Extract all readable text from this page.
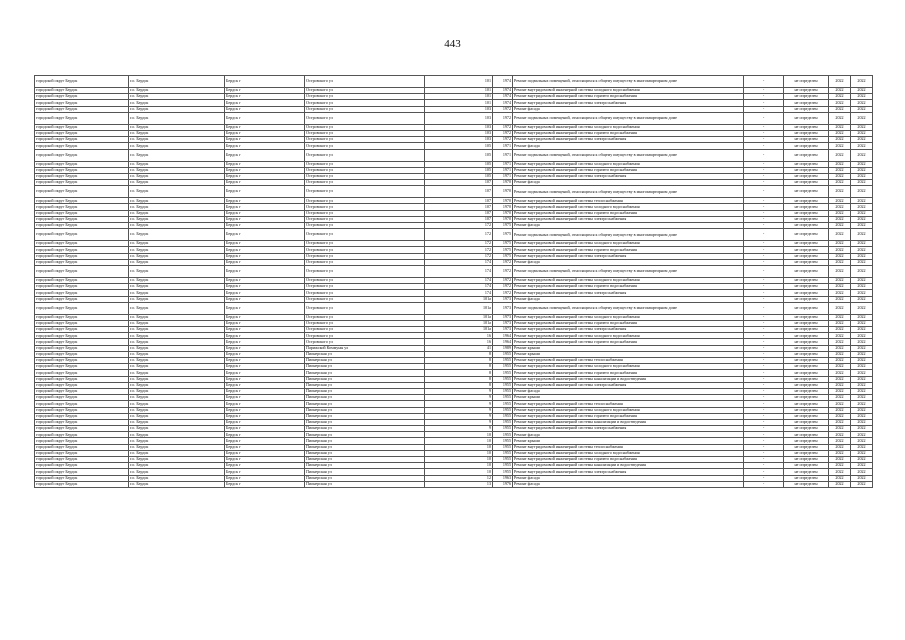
443
городской округ Бердск	г.о. Бердск	Бердск г	Островского ул	101	1974	Ремонт подвальных помещений, относящихся к общему имуществу в многоквартирном доме	-	не определен	2022	2022
городской округ Бердск	г.о. Бердск	Бердск г	Островского ул	101	1974	Ремонт внутридомовой инженерной системы холодного водоснабжения	-	не определен	2022	2022
городской округ Бердск	г.о. Бердск	Бердск г	Островского ул	101	1974	Ремонт внутридомовой инженерной системы горячего водоснабжения	-	не определен	2022	2022
городской округ Бердск	г.о. Бердск	Бердск г	Островского ул	101	1974	Ремонт внутридомовой инженерной системы электроснабжения	-	не определен	2022	2022
городской округ Бердск	г.о. Бердск	Бердск г	Островского ул	103	1972	Ремонт фасада	-	не определен	2022	2022
городской округ Бердск	г.о. Бердск	Бердск г	Островского ул	103	1972	Ремонт подвальных помещений, относящихся к общему имуществу в многоквартирном доме	-	не определен	2022	2022
городской округ Бердск	г.о. Бердск	Бердск г	Островского ул	103	1972	Ремонт внутридомовой инженерной системы холодного водоснабжения	-	не определен	2022	2022
городской округ Бердск	г.о. Бердск	Бердск г	Островского ул	103	1972	Ремонт внутридомовой инженерной системы горячего водоснабжения	-	не определен	2022	2022
городской округ Бердск	г.о. Бердск	Бердск г	Островского ул	103	1972	Ремонт внутридомовой инженерной системы электроснабжения	-	не определен	2022	2022
городской округ Бердск	г.о. Бердск	Бердск г	Островского ул	105	1971	Ремонт фасада	-	не определен	2022	2022
городской округ Бердск	г.о. Бердск	Бердск г	Островского ул	105	1971	Ремонт подвальных помещений, относящихся к общему имуществу в многоквартирном доме	-	не определен	2022	2022
городской округ Бердск	г.о. Бердск	Бердск г	Островского ул	105	1971	Ремонт внутридомовой инженерной системы холодного водоснабжения	-	не определен	2022	2022
городской округ Бердск	г.о. Бердск	Бердск г	Островского ул	105	1971	Ремонт внутридомовой инженерной системы горячего водоснабжения	-	не определен	2022	2022
городской округ Бердск	г.о. Бердск	Бердск г	Островского ул	105	1971	Ремонт внутридомовой инженерной системы электроснабжения	-	не определен	2022	2022
городской округ Бердск	г.о. Бердск	Бердск г	Островского ул	107	1970	Ремонт фасада	-	не определен	2022	2022
городской округ Бердск	г.о. Бердск	Бердск г	Островского ул	107	1970	Ремонт подвальных помещений, относящихся к общему имуществу в многоквартирном доме	-	не определен	2022	2022
городской округ Бердск	г.о. Бердск	Бердск г	Островского ул	107	1970	Ремонт внутридомовой инженерной системы теплоснабжения	-	не определен	2022	2022
городской округ Бердск	г.о. Бердск	Бердск г	Островского ул	107	1970	Ремонт внутридомовой инженерной системы холодного водоснабжения	-	не определен	2022	2022
городской округ Бердск	г.о. Бердск	Бердск г	Островского ул	107	1970	Ремонт внутридомовой инженерной системы горячего водоснабжения	-	не определен	2022	2022
городской округ Бердск	г.о. Бердск	Бердск г	Островского ул	107	1970	Ремонт внутридомовой инженерной системы электроснабжения	-	не определен	2022	2022
городской округ Бердск	г.о. Бердск	Бердск г	Островского ул	172	1975	Ремонт фасада	-	не определен	2022	2022
городской округ Бердск	г.о. Бердск	Бердск г	Островского ул	172	1975	Ремонт подвальных помещений, относящихся к общему имуществу в многоквартирном доме	-	не определен	2022	2022
городской округ Бердск	г.о. Бердск	Бердск г	Островского ул	172	1975	Ремонт внутридомовой инженерной системы холодного водоснабжения	-	не определен	2022	2022
городской округ Бердск	г.о. Бердск	Бердск г	Островского ул	172	1975	Ремонт внутридомовой инженерной системы горячего водоснабжения	-	не определен	2022	2022
городской округ Бердск	г.о. Бердск	Бердск г	Островского ул	172	1975	Ремонт внутридомовой инженерной системы электроснабжения	-	не определен	2022	2022
городской округ Бердск	г.о. Бердск	Бердск г	Островского ул	174	1972	Ремонт фасада	-	не определен	2022	2022
городской округ Бердск	г.о. Бердск	Бердск г	Островского ул	174	1972	Ремонт подвальных помещений, относящихся к общему имуществу в многоквартирном доме	-	не определен	2022	2022
городской округ Бердск	г.о. Бердск	Бердск г	Островского ул	174	1972	Ремонт внутридомовой инженерной системы холодного водоснабжения	-	не определен	2022	2022
городской округ Бердск	г.о. Бердск	Бердск г	Островского ул	174	1972	Ремонт внутридомовой инженерной системы горячего водоснабжения	-	не определен	2022	2022
городской округ Бердск	г.о. Бердск	Бердск г	Островского ул	174	1972	Ремонт внутридомовой инженерной системы электроснабжения	-	не определен	2022	2022
городской округ Бердск	г.о. Бердск	Бердск г	Островского ул	101а	1973	Ремонт фасада	-	не определен	2022	2022
городской округ Бердск	г.о. Бердск	Бердск г	Островского ул	101а	1973	Ремонт подвальных помещений, относящихся к общему имуществу в многоквартирном доме	-	не определен	2022	2022
городской округ Бердск	г.о. Бердск	Бердск г	Островского ул	101а	1973	Ремонт внутридомовой инженерной системы холодного водоснабжения	-	не определен	2022	2022
городской округ Бердск	г.о. Бердск	Бердск г	Островского ул	101а	1973	Ремонт внутридомовой инженерной системы горячего водоснабжения	-	не определен	2022	2022
городской округ Бердск	г.о. Бердск	Бердск г	Островского ул	101а	1973	Ремонт внутридомовой инженерной системы электроснабжения	-	не определен	2022	2022
городской округ Бердск	г.о. Бердск	Бердск г	Островского ул	16	1964	Ремонт внутридомовой инженерной системы холодного водоснабжения	-	не определен	2022	2022
городской округ Бердск	г.о. Бердск	Бердск г	Островского ул	16	1964	Ремонт внутридомовой инженерной системы горячего водоснабжения	-	не определен	2022	2022
городской округ Бердск	г.о. Бердск	Бердск г	Парижской Коммуны ул	41	1989	Ремонт крыши	-	не определен	2022	2022
городской округ Бердск	г.о. Бердск	Бердск г	Пионерская ул	8	1955	Ремонт крыши	-	не определен	2022	2022
городской округ Бердск	г.о. Бердск	Бердск г	Пионерская ул	8	1955	Ремонт внутридомовой инженерной системы теплоснабжения	-	не определен	2022	2022
городской округ Бердск	г.о. Бердск	Бердск г	Пионерская ул	8	1955	Ремонт внутридомовой инженерной системы холодного водоснабжения	-	не определен	2022	2022
городской округ Бердск	г.о. Бердск	Бердск г	Пионерская ул	8	1955	Ремонт внутридомовой инженерной системы горячего водоснабжения	-	не определен	2022	2022
городской округ Бердск	г.о. Бердск	Бердск г	Пионерская ул	8	1955	Ремонт внутридомовой инженерной системы канализации и водоотведения	-	не определен	2022	2022
городской округ Бердск	г.о. Бердск	Бердск г	Пионерская ул	8	1955	Ремонт внутридомовой инженерной системы электроснабжения	-	не определен	2022	2022
городской округ Бердск	г.о. Бердск	Бердск г	Пионерская ул	9	1955	Ремонт фасада	-	не определен	2022	2022
городской округ Бердск	г.о. Бердск	Бердск г	Пионерская ул	9	1955	Ремонт крыши	-	не определен	2022	2022
городской округ Бердск	г.о. Бердск	Бердск г	Пионерская ул	9	1955	Ремонт внутридомовой инженерной системы теплоснабжения	-	не определен	2022	2022
городской округ Бердск	г.о. Бердск	Бердск г	Пионерская ул	9	1955	Ремонт внутридомовой инженерной системы холодного водоснабжения	-	не определен	2022	2022
городской округ Бердск	г.о. Бердск	Бердск г	Пионерская ул	9	1955	Ремонт внутридомовой инженерной системы горячего водоснабжения	-	не определен	2022	2022
городской округ Бердск	г.о. Бердск	Бердск г	Пионерская ул	9	1955	Ремонт внутридомовой инженерной системы канализации и водоотведения	-	не определен	2022	2022
городской округ Бердск	г.о. Бердск	Бердск г	Пионерская ул	9	1955	Ремонт внутридомовой инженерной системы электроснабжения	-	не определен	2022	2022
городской округ Бердск	г.о. Бердск	Бердск г	Пионерская ул	10	1955	Ремонт фасада	-	не определен	2022	2022
городской округ Бердск	г.о. Бердск	Бердск г	Пионерская ул	10	1955	Ремонт крыши	-	не определен	2022	2022
городской округ Бердск	г.о. Бердск	Бердск г	Пионерская ул	10	1955	Ремонт внутридомовой инженерной системы теплоснабжения	-	не определен	2022	2022
городской округ Бердск	г.о. Бердск	Бердск г	Пионерская ул	10	1955	Ремонт внутридомовой инженерной системы холодного водоснабжения	-	не определен	2022	2022
городской округ Бердск	г.о. Бердск	Бердск г	Пионерская ул	10	1955	Ремонт внутридомовой инженерной системы горячего водоснабжения	-	не определен	2022	2022
городской округ Бердск	г.о. Бердск	Бердск г	Пионерская ул	10	1955	Ремонт внутридомовой инженерной системы канализации и водоотведения	-	не определен	2022	2022
городской округ Бердск	г.о. Бердск	Бердск г	Пионерская ул	10	1955	Ремонт внутридомовой инженерной системы электроснабжения	-	не определен	2022	2022
городской округ Бердск	г.о. Бердск	Бердск г	Пионерская ул	12	1963	Ремонт фасада	-	не определен	2022	2022
городской округ Бердск	г.о. Бердск	Бердск г	Пионерская ул	13	1976	Ремонт фасада	-	не определен	2022	2022
